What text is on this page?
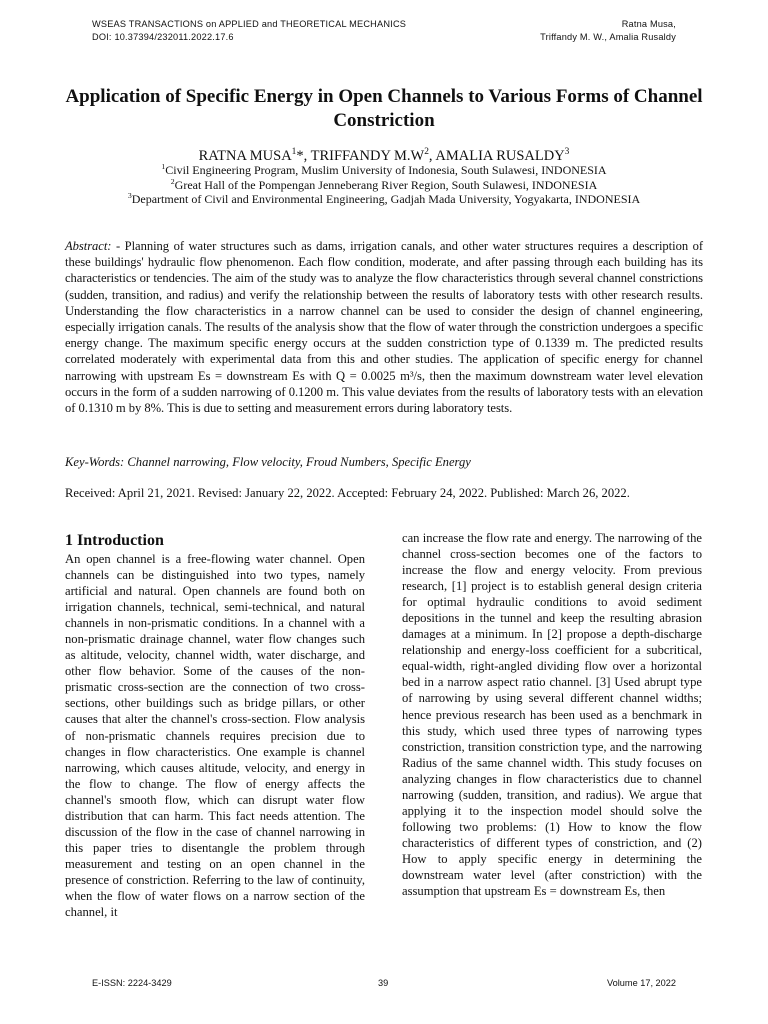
WSEAS TRANSACTIONS on APPLIED and THEORETICAL MECHANICS
DOI: 10.37394/232011.2022.17.6
Ratna Musa,
Triffandy M. W., Amalia Rusaldy
Application of Specific Energy in Open Channels to Various Forms of Channel Constriction
RATNA MUSA$^1$*, TRIFFANDY $M.W^2$, AMALIA RUSALDY$^3$
$^1$Civil Engineering Program, Muslim University of Indonesia, South Sulawesi, INDONESIA
$^2$Great Hall of the Pompengan Jenneberang River Region, South Sulawesi, INDONESIA
$^3$Department of Civil and Environmental Engineering, Gadjah Mada University, Yogyakarta, INDONESIA
Abstract: - Planning of water structures such as dams, irrigation canals, and other water structures requires a description of these buildings' hydraulic flow phenomenon. Each flow condition, moderate, and after passing through each building has its characteristics or tendencies. The aim of the study was to analyze the flow characteristics through several channel constrictions (sudden, transition, and radius) and verify the relationship between the results of laboratory tests with other research results. Understanding the flow characteristics in a narrow channel can be used to consider the design of channel engineering, especially irrigation canals. The results of the analysis show that the flow of water through the constriction undergoes a specific energy change. The maximum specific energy occurs at the sudden constriction type of 0.1339 m. The predicted results correlated moderately with experimental data from this and other studies. The application of specific energy for channel narrowing with upstream Es = downstream Es with Q = 0.0025 m³/s, then the maximum downstream water level elevation occurs in the form of a sudden narrowing of 0.1200 m. This value deviates from the results of laboratory tests with an elevation of 0.1310 m by 8%. This is due to setting and measurement errors during laboratory tests.
Key-Words: Channel narrowing, Flow velocity, Froud Numbers, Specific Energy
Received: April 21, 2021. Revised: January 22, 2022. Accepted: February 24, 2022. Published: March 26, 2022.
1 Introduction

An open channel is a free-flowing water channel. Open channels can be distinguished into two types, namely artificial and natural. Open channels are found both on irrigation channels, technical, semi-technical, and natural channels in non-prismatic conditions. In a channel with a non-prismatic drainage channel, water flow changes such as altitude, velocity, channel width, water discharge, and other flow behavior. Some of the causes of the non-prismatic cross-section are the connection of two cross-sections, other buildings such as bridge pillars, or other causes that alter the channel's cross-section. Flow analysis of non-prismatic channels requires precision due to changes in flow characteristics. One example is channel narrowing, which causes altitude, velocity, and energy in the flow to change. The flow of energy affects the channel's smooth flow, which can disrupt water flow distribution that can harm. This fact needs attention. The discussion of the flow in the case of channel narrowing in this paper tries to disentangle the problem through measurement and testing on an open channel in the presence of constriction. Referring to the law of continuity, when the flow of water flows on a narrow section of the channel, it

can increase the flow rate and energy. The narrowing of the channel cross-section becomes one of the factors to increase the flow and energy velocity. From previous research, [1] project is to establish general design criteria for optimal hydraulic conditions to avoid sediment depositions in the tunnel and keep the resulting abrasion damages at a minimum. In [2] propose a depth-discharge relationship and energy-loss coefficient for a subcritical, equal-width, right-angled dividing flow over a horizontal bed in a narrow aspect ratio channel. [3] Used abrupt type of narrowing by using several different channel widths; hence previous research has been used as a benchmark in this study, which used three types of narrowing types constriction, transition constriction type, and the narrowing Radius of the same channel width. This study focuses on analyzing changes in flow characteristics due to channel narrowing (sudden, transition, and radius). We argue that applying it to the inspection model should solve the following two problems: (1) How to know the flow characteristics of different types of constriction, and (2) How to apply specific energy in determining the downstream water level (after constriction) with the assumption that upstream Es = downstream Es, then

E-ISSN: 2224-3429	39	Volume 17, 2022
